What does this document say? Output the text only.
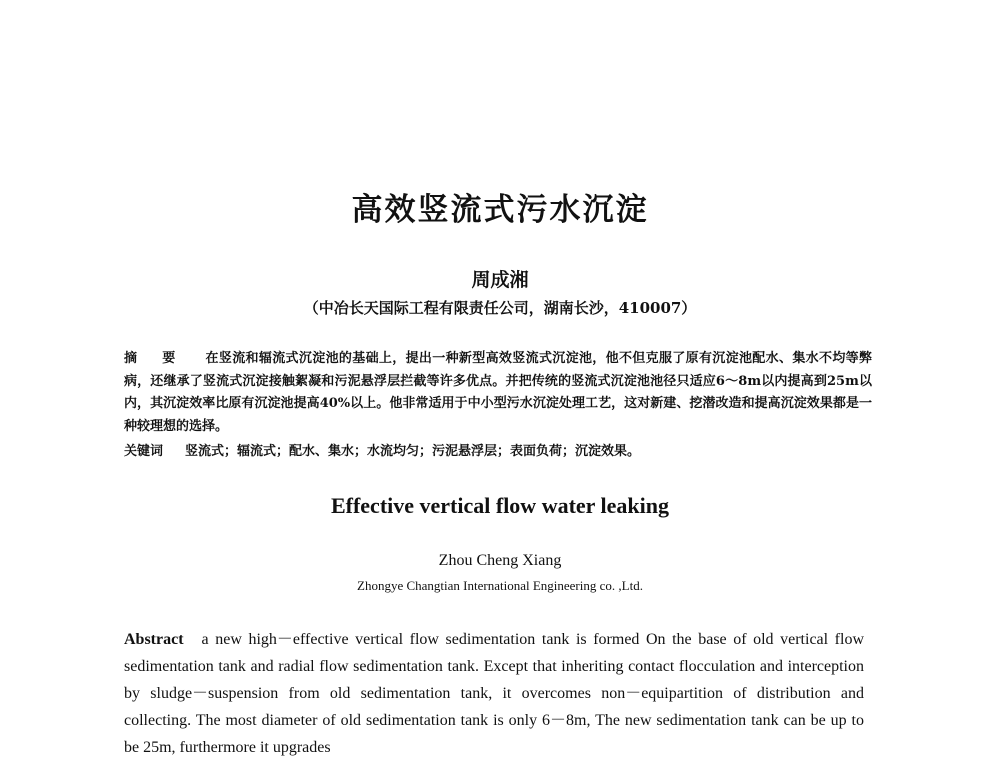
高效竖流式污水沉淀
周成湘
（中冶长天国际工程有限责任公司，湖南长沙，410007）
摘 要 在竖流和辐流式沉淀池的基础上，提出一种新型高效竖流式沉淀池，他不但克服了原有沉淀池配水、集水不均等弊病，还继承了竖流式沉淀接触絮凝和污泥悬浮层拦截等许多优点。并把传统的竖流式沉淀池池径只适应6～8m以内提高到25m以内，其沉淀效率比原有沉淀池提高40%以上。他非常适用于中小型污水沉淀处理工艺，这对新建、挖潜改造和提高沉淀效果都是一种较理想的选择。
关键词 竖流式；辐流式；配水、集水；水流均匀；污泥悬浮层；表面负荷；沉淀效果。
Effective vertical flow water leaking
Zhou Cheng Xiang
Zhongye Changtian International Engineering co. ,Ltd.
Abstract a new high－effective vertical flow sedimentation tank is formed On the base of old vertical flow sedimentation tank and radial flow sedimentation tank. Except that inheriting contact flocculation and interception by sludge－suspension from old sedimentation tank, it overcomes non－equipartition of distribution and collecting. The most diameter of old sedimentation tank is only 6－8m, The new sedimentation tank can be up to be 25m, furthermore it upgrades
